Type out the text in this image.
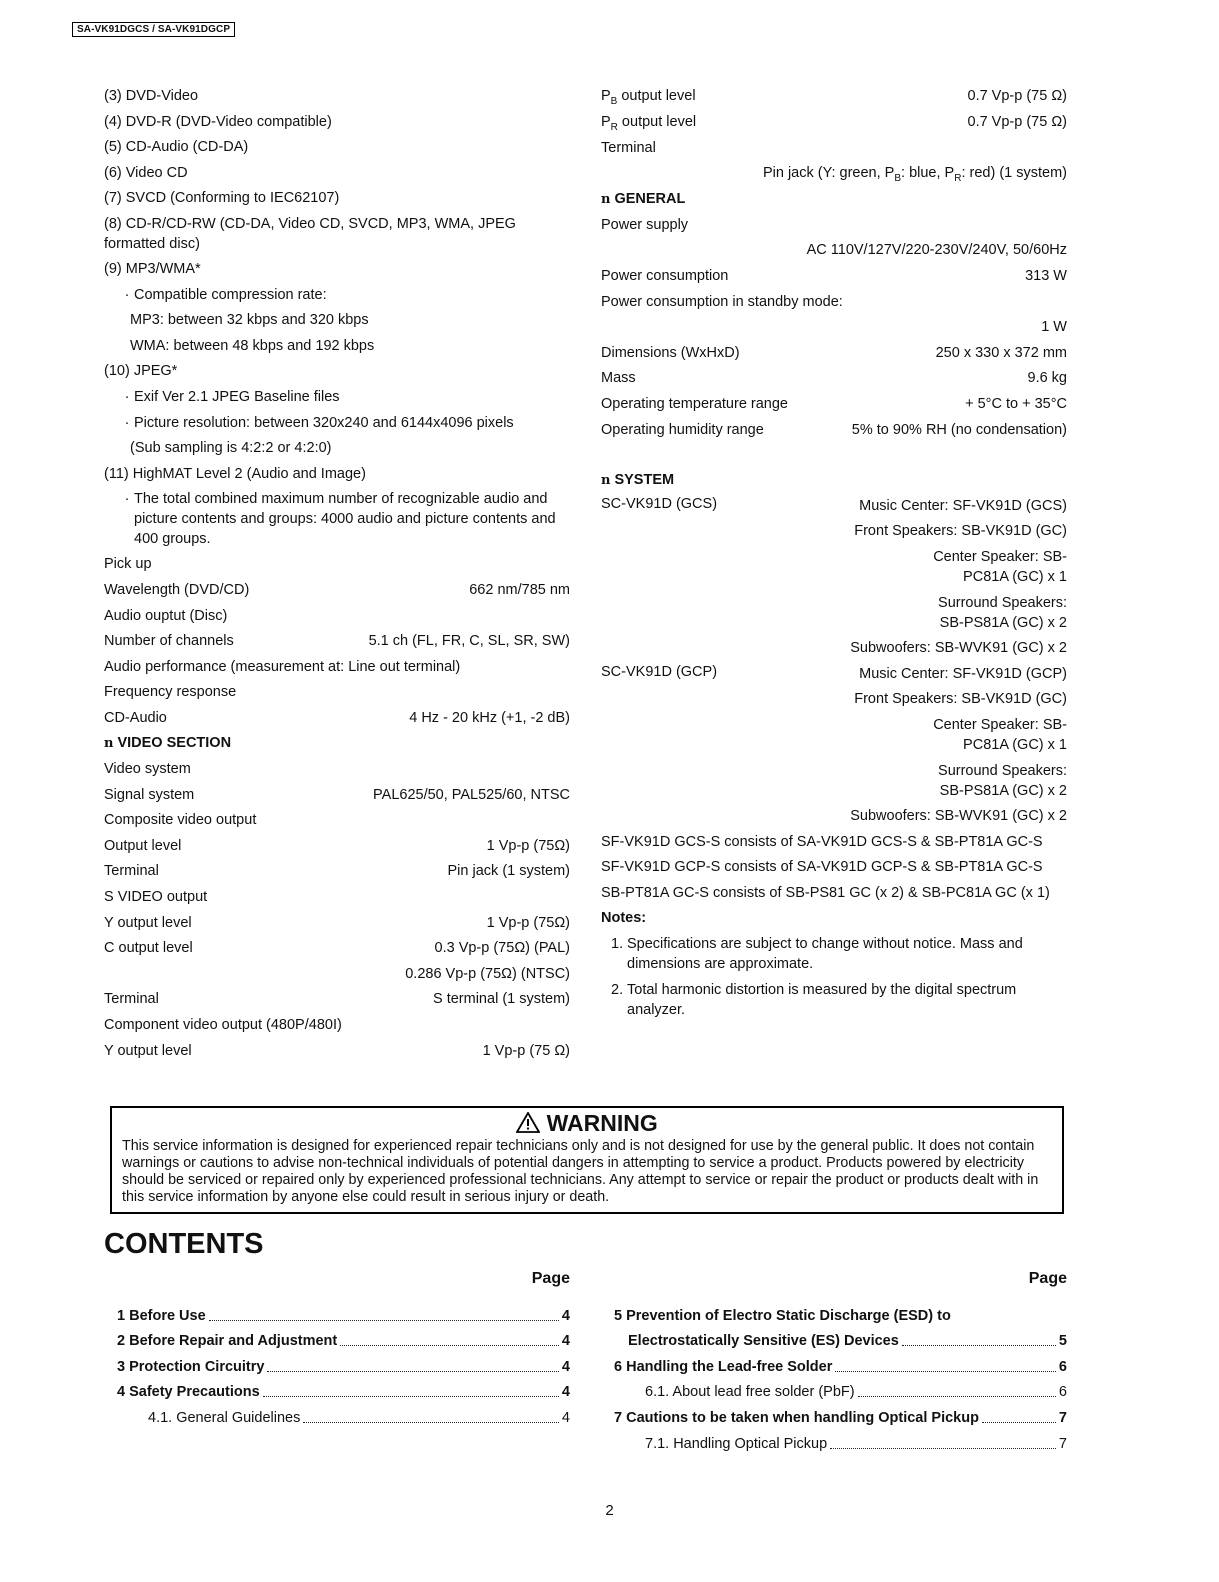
SA-VK91DGCS / SA-VK91DGCP
(3) DVD-Video
(4) DVD-R (DVD-Video compatible)
(5) CD-Audio (CD-DA)
(6) Video CD
(7) SVCD (Conforming to IEC62107)
(8) CD-R/CD-RW (CD-DA, Video CD, SVCD, MP3, WMA, JPEG formatted disc)
(9) MP3/WMA*
· Compatible compression rate:
MP3: between 32 kbps and 320 kbps
WMA: between 48 kbps and 192 kbps
(10) JPEG*
· Exif Ver 2.1 JPEG Baseline files
· Picture resolution: between 320x240 and 6144x4096 pixels
(Sub sampling is 4:2:2 or 4:2:0)
(11) HighMAT Level 2 (Audio and Image)
· The total combined maximum number of recognizable audio and picture contents and groups: 4000 audio and picture contents and 400 groups.
Pick up
Wavelength (DVD/CD)	662 nm/785 nm
Audio ouptut (Disc)
Number of channels	5.1 ch (FL, FR, C, SL, SR, SW)
Audio performance (measurement at: Line out terminal)
Frequency response
CD-Audio	4 Hz - 20 kHz (+1, -2 dB)
n VIDEO SECTION
Video system
Signal system	PAL625/50, PAL525/60, NTSC
Composite video output
Output level	1 Vp-p (75Ω)
Terminal	Pin jack (1 system)
S VIDEO output
Y output level	1 Vp-p (75Ω)
C output level	0.3 Vp-p (75Ω) (PAL)
0.286 Vp-p (75Ω) (NTSC)
Terminal	S terminal (1 system)
Component video output (480P/480I)
Y output level	1 Vp-p (75 Ω)
$P_B$ output level	0.7 Vp-p (75 Ω)
$P_R$ output level	0.7 Vp-p (75 Ω)
Terminal
Pin jack (Y: green, $P_B$: blue, $P_R$: red) (1 system)
n GENERAL
Power supply
AC 110V/127V/220-230V/240V, 50/60Hz
Power consumption	313 W
Power consumption in standby mode:
1 W
Dimensions (WxHxD)	250 x 330 x 372 mm
Mass	9.6 kg
Operating temperature range	+ 5°C to + 35°C
Operating humidity range	5% to 90% RH (no condensation)
n SYSTEM
SC-VK91D (GCS)	Music Center: SF-VK91D (GCS)
Front Speakers: SB-VK91D (GC)
Center Speaker: SB-PC81A (GC) x 1
Surround Speakers: SB-PS81A (GC) x 2
Subwoofers: SB-WVK91 (GC) x 2
SC-VK91D (GCP)	Music Center: SF-VK91D (GCP)
Front Speakers: SB-VK91D (GC)
Center Speaker: SB-PC81A (GC) x 1
Surround Speakers: SB-PS81A (GC) x 2
Subwoofers: SB-WVK91 (GC) x 2
SF-VK91D GCS-S consists of SA-VK91D GCS-S & SB-PT81A GC-S
SF-VK91D GCP-S consists of SA-VK91D GCP-S & SB-PT81A GC-S
SB-PT81A GC-S consists of SB-PS81 GC (x 2) & SB-PC81A GC (x 1)
Notes:
1. Specifications are subject to change without notice. Mass and dimensions are approximate.
2. Total harmonic distortion is measured by the digital spectrum analyzer.
WARNING
This service information is designed for experienced repair technicians only and is not designed for use by the general public. It does not contain warnings or cautions to advise non-technical individuals of potential dangers in attempting to service a product. Products powered by electricity should be serviced or repaired only by experienced professional technicians. Any attempt to service or repair the product or products dealt with in this service information by anyone else could result in serious injury or death.
CONTENTS
Page
1 Before Use	4
2 Before Repair and Adjustment	4
3 Protection Circuitry	4
4 Safety Precautions	4
4.1. General Guidelines	4
Page
5 Prevention of Electro Static Discharge (ESD) to
Electrostatically Sensitive (ES) Devices	5
6 Handling the Lead-free Solder	6
6.1. About lead free solder (PbF)	6
7 Cautions to be taken when handling Optical Pickup	7
7.1. Handling Optical Pickup	7
2
